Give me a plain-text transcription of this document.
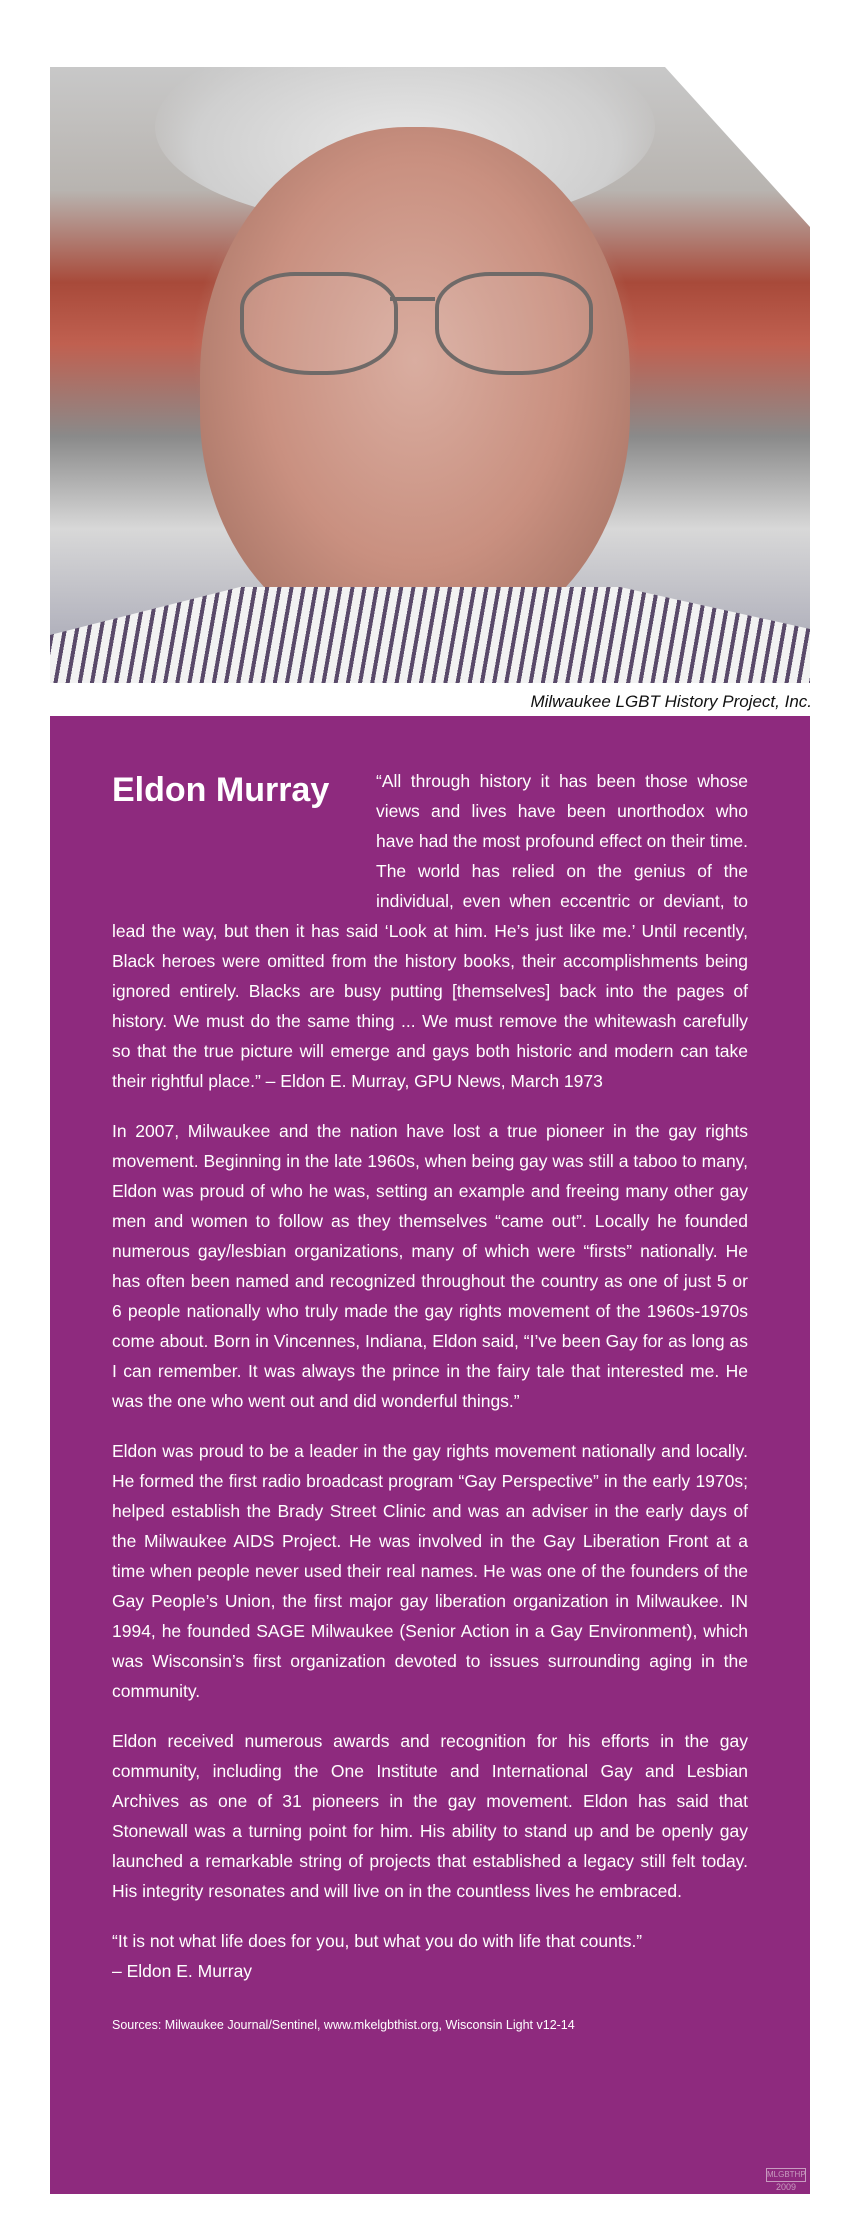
Milwaukee LGBT History Project, Inc.
Eldon Murray	“All through history it has been those whose views and lives have been unorthodox who have had the most profound effect on their time. The world has relied on the genius of the individual, even when eccentric or deviant, to lead the way, but then it has said ‘Look at him. He’s just like me.’ Until recently, Black heroes were omitted from the history books, their accomplishments being ignored entirely. Blacks are busy putting [themselves] back into the pages of history. We must do the same thing ... We must remove the whitewash carefully so that the true picture will emerge and gays both historic and modern can take their rightful place.” – Eldon E. Murray, GPU News, March 1973

In 2007, Milwaukee and the nation have lost a true pioneer in the gay rights movement. Beginning in the late 1960s, when being gay was still a taboo to many, Eldon was proud of who he was, setting an example and freeing many other gay men and women to follow as they themselves “came out”. Locally he founded numerous gay/lesbian organizations, many of which were “firsts” nationally. He has often been named and recognized throughout the country as one of just 5 or 6 people nationally who truly made the gay rights movement of the 1960s-1970s come about. Born in Vincennes, Indiana, Eldon said, “I’ve been Gay for as long as I can remember. It was always the prince in the fairy tale that interested me. He was the one who went out and did wonderful things.”

Eldon was proud to be a leader in the gay rights movement nationally and locally. He formed the first radio broadcast program “Gay Perspective” in the early 1970s; helped establish the Brady Street Clinic and was an adviser in the early days of the Milwaukee AIDS Project. He was involved in the Gay Liberation Front at a time when people never used their real names. He was one of the founders of the Gay People’s Union, the first major gay liberation organization in Milwaukee. IN 1994, he founded SAGE Milwaukee (Senior Action in a Gay Environment), which was Wisconsin’s first organization devoted to issues surrounding aging in the community.

Eldon received numerous awards and recognition for his efforts in the gay community, including the One Institute and International Gay and Lesbian Archives as one of 31 pioneers in the gay movement. Eldon has said that Stonewall was a turning point for him. His ability to stand up and be openly gay launched a remarkable string of projects that established a legacy still felt today. His integrity resonates and will live on in the countless lives he embraced.

“It is not what life does for you, but what you do with life that counts.”
– Eldon E. Murray

Sources: Milwaukee Journal/Sentinel, www.mkelgbthist.org, Wisconsin Light v12-14
MLGBTHP
2009
